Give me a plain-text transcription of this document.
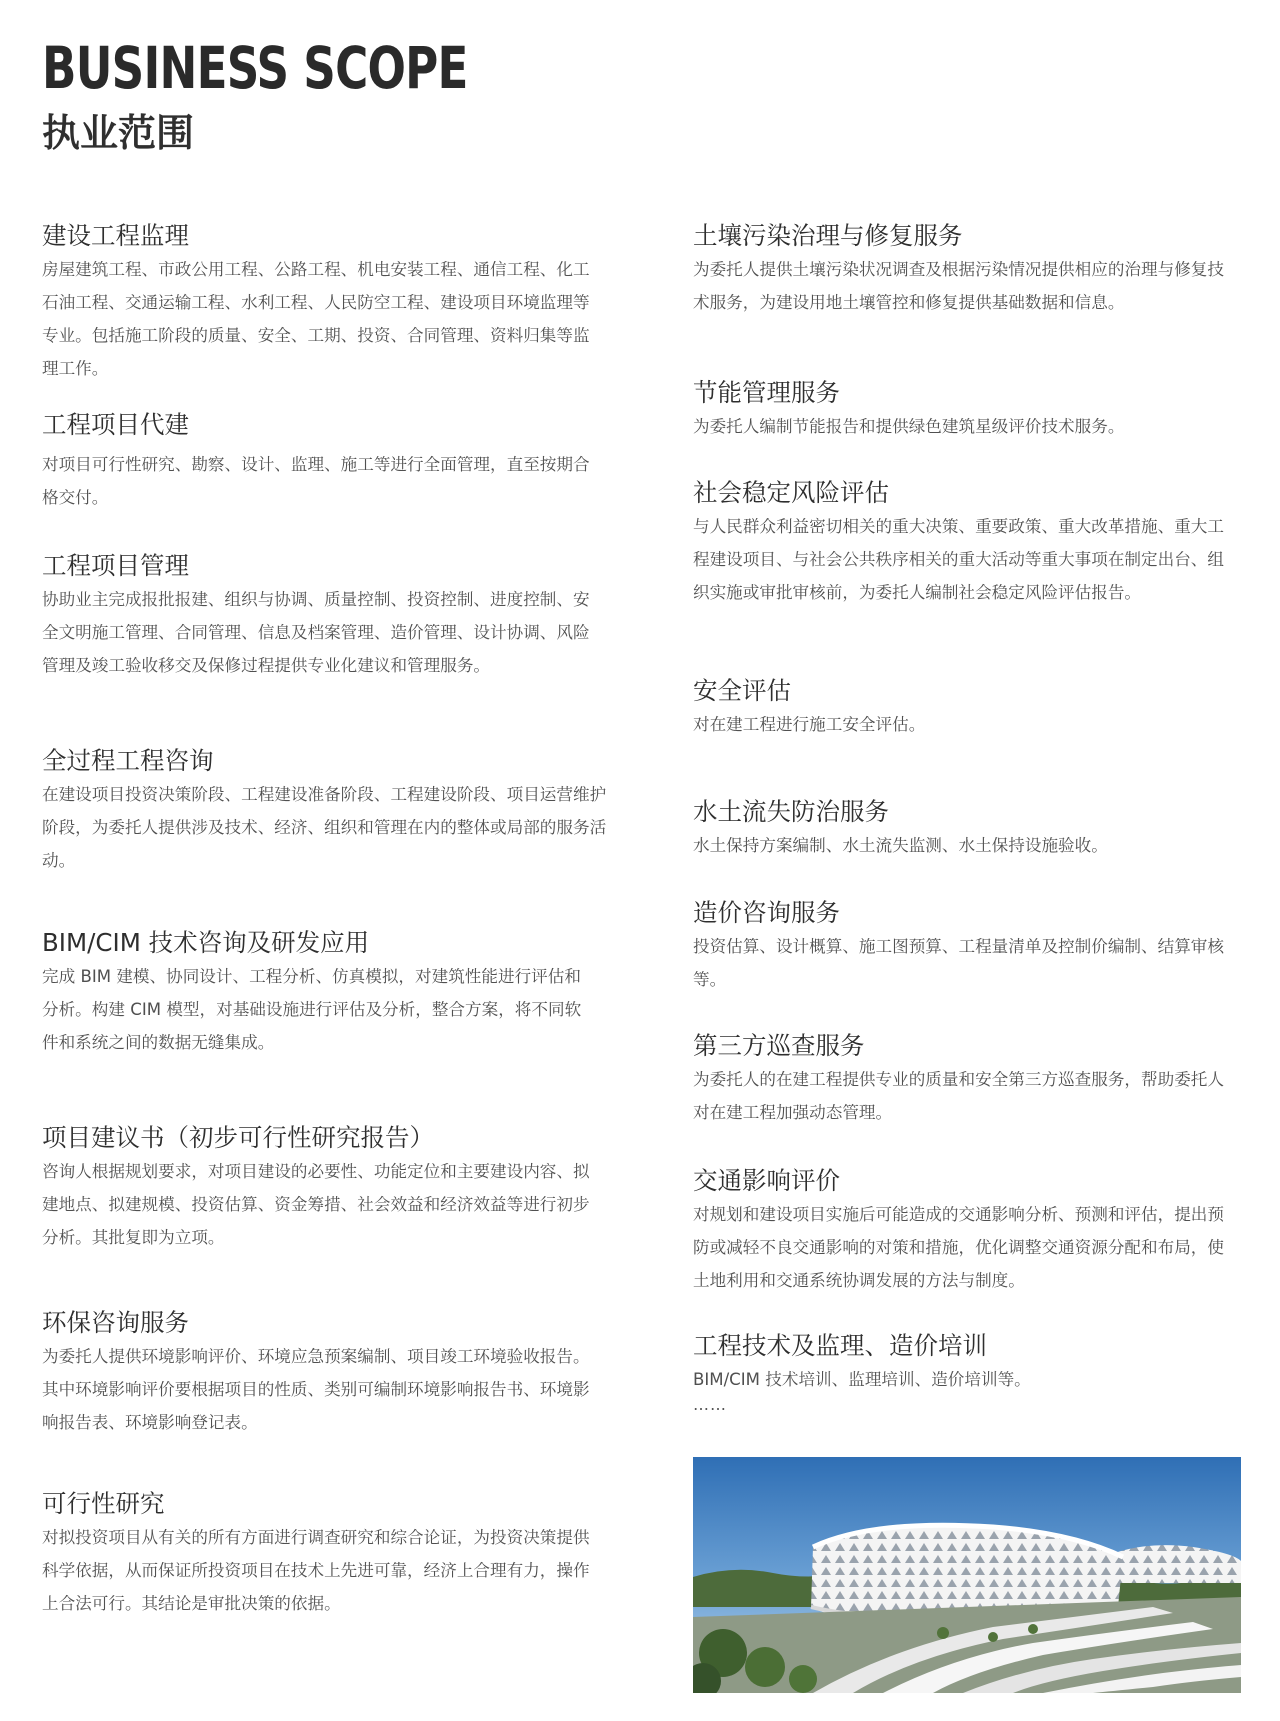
BUSINESS SCOPE
执业范围
建设工程监理

房屋建筑工程、市政公用工程、公路工程、机电安装工程、通信工程、化工石油工程、交通运输工程、水利工程、人民防空工程、建设项目环境监理等专业。包括施工阶段的质量、安全、工期、投资、合同管理、资料归集等监理工作。

工程项目代建

对项目可行性研究、勘察、设计、监理、施工等进行全面管理，直至按期合格交付。

工程项目管理

协助业主完成报批报建、组织与协调、质量控制、投资控制、进度控制、安全文明施工管理、合同管理、信息及档案管理、造价管理、设计协调、风险管理及竣工验收移交及保修过程提供专业化建议和管理服务。

全过程工程咨询

在建设项目投资决策阶段、工程建设准备阶段、工程建设阶段、项目运营维护阶段，为委托人提供涉及技术、经济、组织和管理在内的整体或局部的服务活动。

BIM/CIM 技术咨询及研发应用

完成 BIM 建模、协同设计、工程分析、仿真模拟，对建筑性能进行评估和分析。构建 CIM 模型，对基础设施进行评估及分析，整合方案，将不同软件和系统之间的数据无缝集成。

项目建议书（初步可行性研究报告）

咨询人根据规划要求，对项目建设的必要性、功能定位和主要建设内容、拟建地点、拟建规模、投资估算、资金筹措、社会效益和经济效益等进行初步分析。其批复即为立项。

环保咨询服务

为委托人提供环境影响评价、环境应急预案编制、项目竣工环境验收报告。其中环境影响评价要根据项目的性质、类别可编制环境影响报告书、环境影响报告表、环境影响登记表。

可行性研究

对拟投资项目从有关的所有方面进行调查研究和综合论证，为投资决策提供科学依据，从而保证所投资项目在技术上先进可靠，经济上合理有力，操作上合法可行。其结论是审批决策的依据。

土壤污染治理与修复服务

为委托人提供土壤污染状况调查及根据污染情况提供相应的治理与修复技术服务，为建设用地土壤管控和修复提供基础数据和信息。

节能管理服务

为委托人编制节能报告和提供绿色建筑星级评价技术服务。

社会稳定风险评估

与人民群众利益密切相关的重大决策、重要政策、重大改革措施、重大工程建设项目、与社会公共秩序相关的重大活动等重大事项在制定出台、组织实施或审批审核前，为委托人编制社会稳定风险评估报告。

安全评估

对在建工程进行施工安全评估。

水土流失防治服务

水土保持方案编制、水土流失监测、水土保持设施验收。

造价咨询服务

投资估算、设计概算、施工图预算、工程量清单及控制价编制、结算审核等。

第三方巡查服务

为委托人的在建工程提供专业的质量和安全第三方巡查服务，帮助委托人对在建工程加强动态管理。

交通影响评价

对规划和建设项目实施后可能造成的交通影响分析、预测和评估，提出预防或减轻不良交通影响的对策和措施，优化调整交通资源分配和布局，使土地利用和交通系统协调发展的方法与制度。

工程技术及监理、造价培训

BIM/CIM 技术培训、监理培训、造价培训等。

……
